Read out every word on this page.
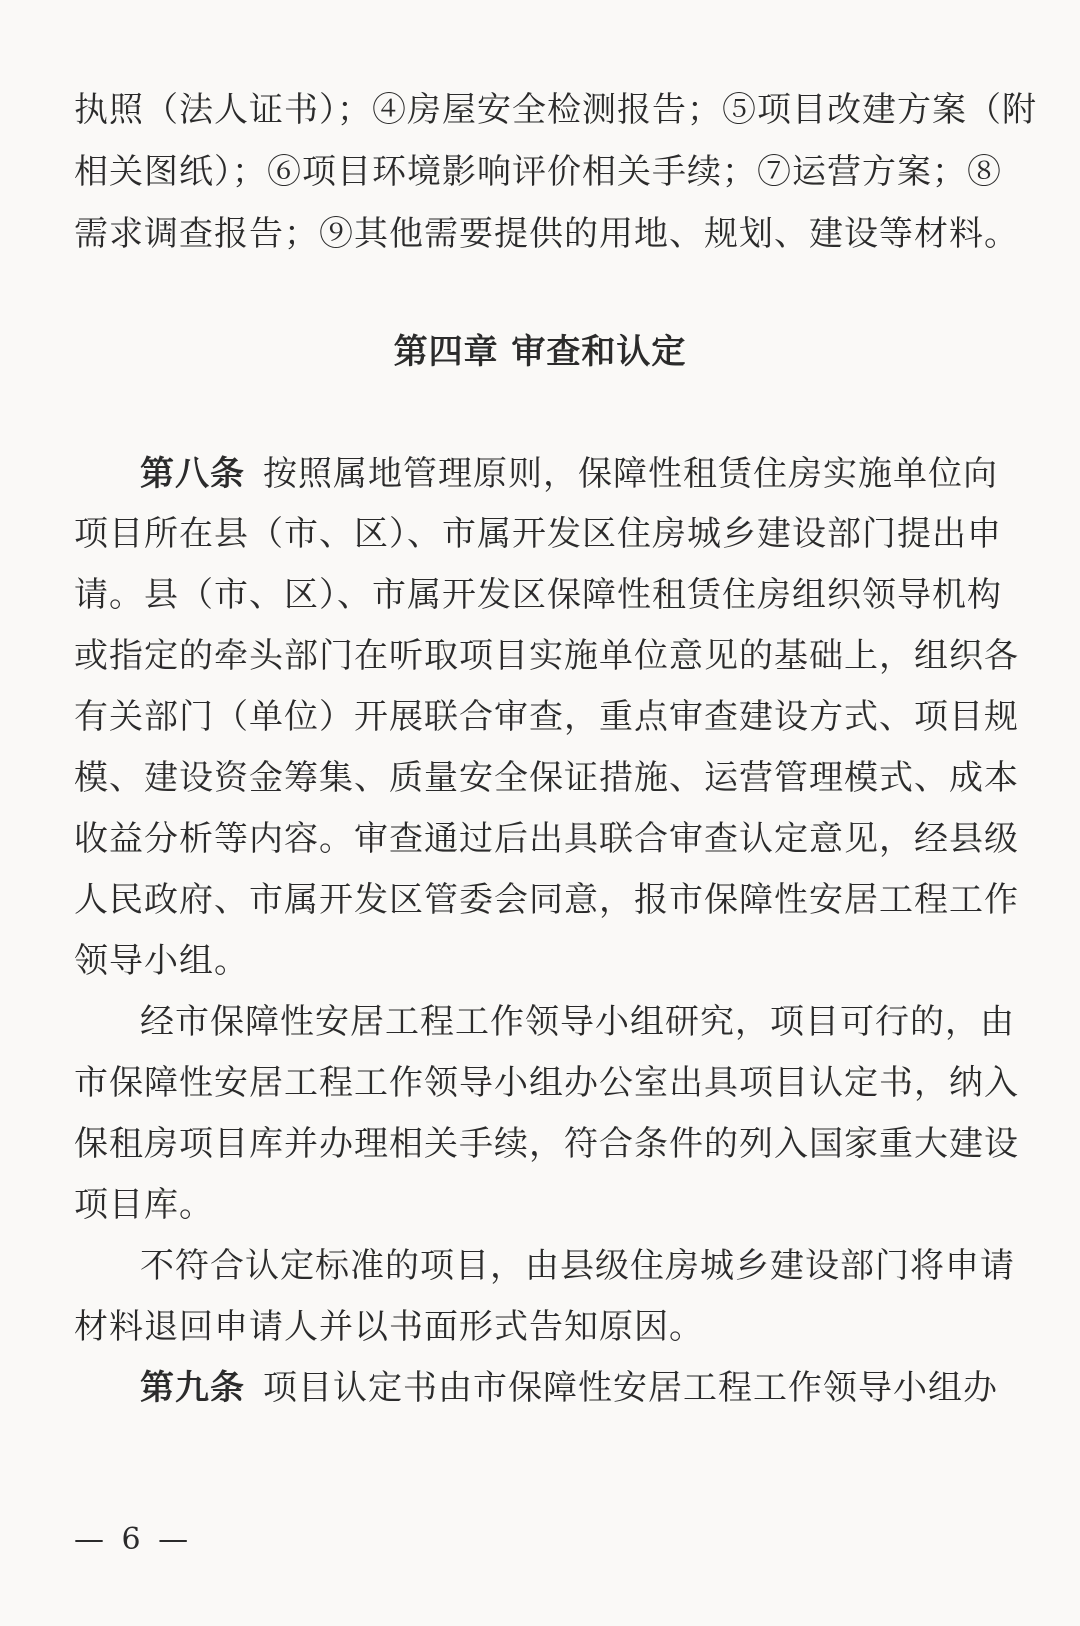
执照（法人证书）；④房屋安全检测报告；⑤项目改建方案（附
相关图纸）；⑥项目环境影响评价相关手续；⑦运营方案；⑧
需求调查报告；⑨其他需要提供的用地、规划、建设等材料。
第四章 审查和认定
第八条 按照属地管理原则，保障性租赁住房实施单位向
项目所在县（市、区）、市属开发区住房城乡建设部门提出申
请。县（市、区）、市属开发区保障性租赁住房组织领导机构
或指定的牵头部门在听取项目实施单位意见的基础上，组织各
有关部门（单位）开展联合审查，重点审查建设方式、项目规
模、建设资金筹集、质量安全保证措施、运营管理模式、成本
收益分析等内容。审查通过后出具联合审查认定意见，经县级
人民政府、市属开发区管委会同意，报市保障性安居工程工作
领导小组。
经市保障性安居工程工作领导小组研究，项目可行的，由
市保障性安居工程工作领导小组办公室出具项目认定书，纳入
保租房项目库并办理相关手续，符合条件的列入国家重大建设
项目库。
不符合认定标准的项目，由县级住房城乡建设部门将申请
材料退回申请人并以书面形式告知原因。
第九条 项目认定书由市保障性安居工程工作领导小组办
— 6 —
